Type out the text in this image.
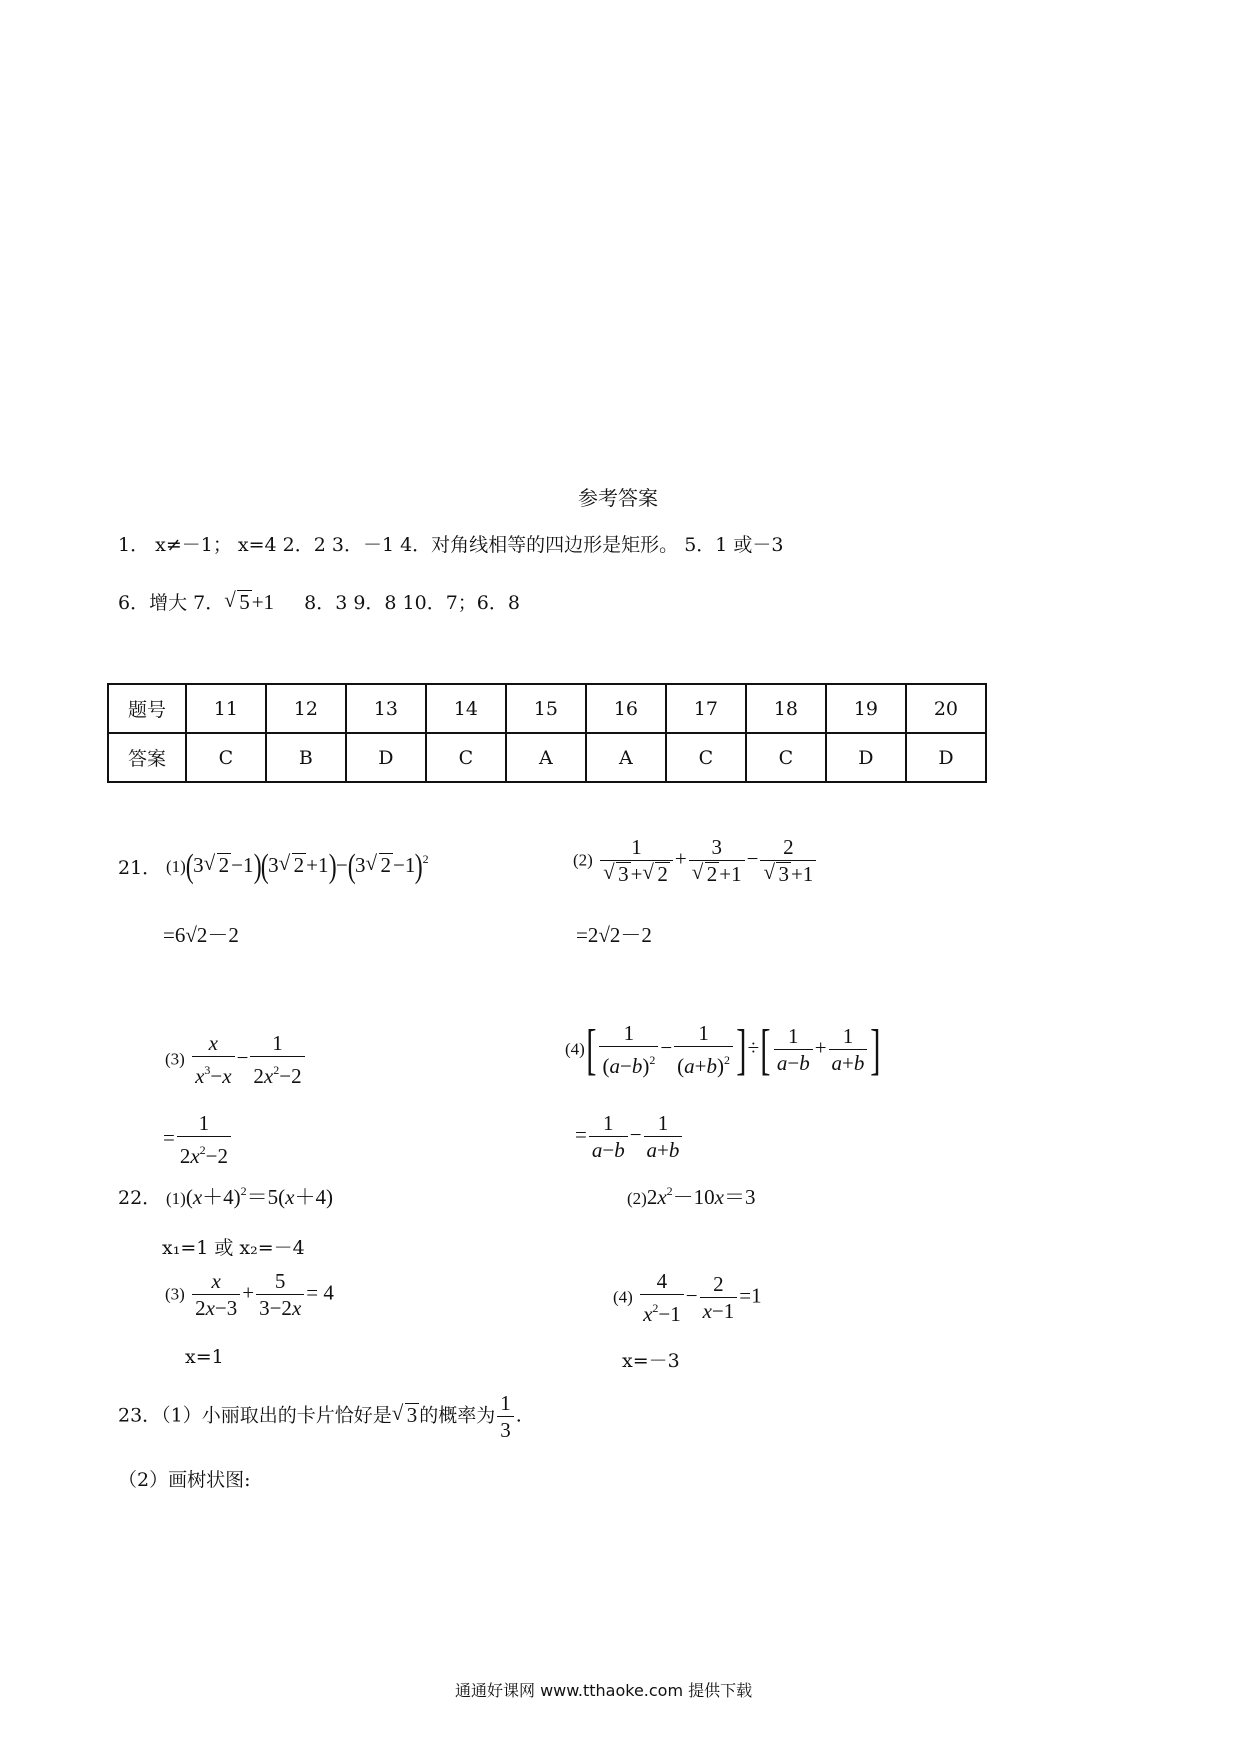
参考答案
1． x≠－1； x=4 2．2 3．－1 4．对角线相等的四边形是矩形。 5．1 或－3
6．增大 7． √ 5+1 8．3 9．8 10．7；6．8
题号	11	12	13	14	15	16	17	18	19	20
答案	C	B	D	C	A	A	C	C	D	D
21． (1)(3 √ 2−1)(3 √ 2+1)−(3 √ 2−1)$^2$
=6√2－2
$(2) \frac{1}{√ 3+ √ 2} + \frac{3}{√ 2+1} - \frac{2}{√ 3+1}$
=2√2－2
$(3) \frac{x}{x^3-x} - \frac{1}{2x^2-2}$
= $\frac{1}{2x^2-2}$
$(4)[ \frac{1}{(a-b)^2} - \frac{1}{(a+b)^2}$ ]÷[ $\frac{1}{a-b} + \frac{1}{a+b}$ ]
= $\frac{1}{a-b} - \frac{1}{a+b}$
22． $(1)(x+4)^2=5(x+4)$	$(2)2x^2-10x=3$
x₁=1 或 x₂=－4
$(3) \frac{x}{2x-3} + \frac{5}{3-2x} = 4$	$(4) \frac{4}{x^2-1} - \frac{2}{x-1} =1$
x=1	x=－3
23．（1）小丽取出的卡片恰好是 √ 3 的概率为 $\frac{1}{3}$ .
（2）画树状图:
通通好课网 www.tthaoke.com 提供下载
